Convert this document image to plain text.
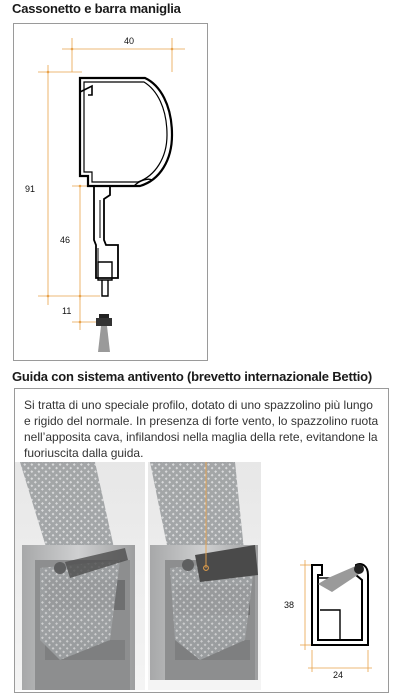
Cassonetto e barra maniglia
40
91
46
11
Guida con sistema antivento (brevetto internazionale Bettio)
Si tratta di uno speciale profilo, dotato di uno spazzolino più lungo
e rigido del normale. In presenza di forte vento, lo spazzolino ruota
nell’apposita cava, infilandosi nella maglia della rete, evitandone la
fuoriuscita dalla guida.
38
24
